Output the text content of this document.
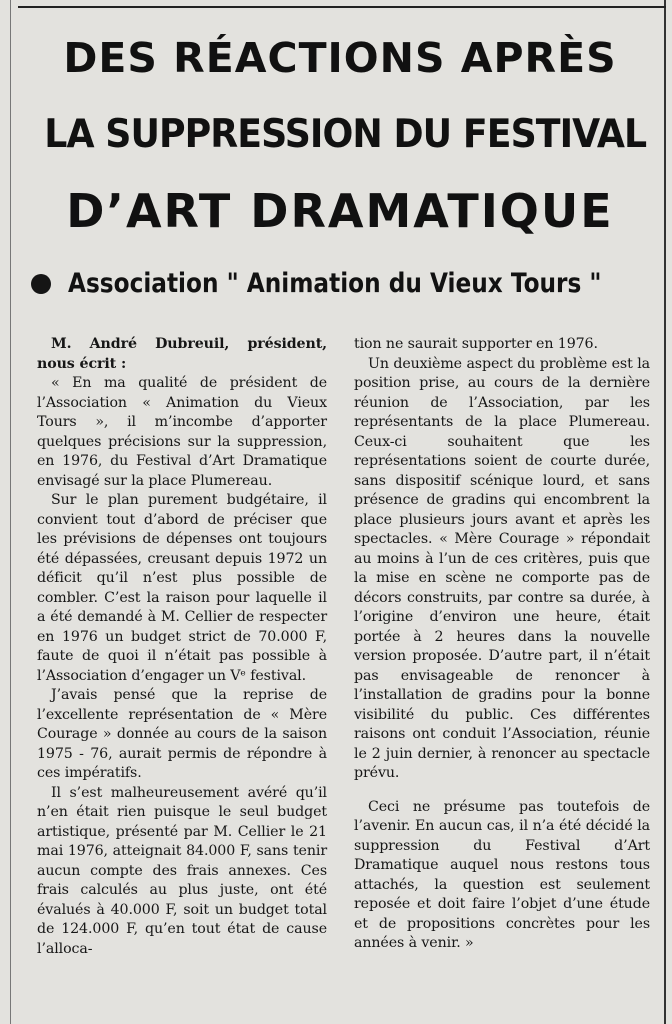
DES RÉACTIONS APRÈS
LA SUPPRESSION DU FESTIVAL
D’ART DRAMATIQUE
Association " Animation du Vieux Tours "

M. André Dubreuil, président, nous écrit :

« En ma qualité de président de l’Association « Animation du Vieux Tours », il m’incombe d’apporter quelques précisions sur la suppression, en 1976, du Festival d’Art Dramatique envisagé sur la place Plumereau.

Sur le plan purement budgétaire, il convient tout d’abord de préciser que les prévisions de dépenses ont toujours été dépassées, creusant depuis 1972 un déficit qu’il n’est plus possible de combler. C’est la raison pour laquelle il a été demandé à M. Cellier de respecter en 1976 un budget strict de 70.000 F, faute de quoi il n’était pas possible à l’Association d’engager un Vᵉ festival.

J’avais pensé que la reprise de l’excellente représentation de « Mère Courage » donnée au cours de la saison 1975 - 76, aurait permis de répondre à ces impératifs.

Il s’est malheureusement avéré qu’il n’en était rien puisque le seul budget artistique, présenté par M. Cellier le 21 mai 1976, atteignait 84.000 F, sans tenir aucun compte des frais annexes. Ces frais calculés au plus juste, ont été évalués à 40.000 F, soit un budget total de 124.000 F, qu’en tout état de cause l’alloca-

tion ne saurait supporter en 1976.

Un deuxième aspect du problème est la position prise, au cours de la dernière réunion de l’Association, par les représentants de la place Plumereau. Ceux-ci souhaitent que les représentations soient de courte durée, sans dispositif scénique lourd, et sans présence de gradins qui encombrent la place plusieurs jours avant et après les spectacles. « Mère Courage » répondait au moins à l’un de ces critères, puis que la mise en scène ne comporte pas de décors construits, par contre sa durée, à l’origine d’environ une heure, était portée à 2 heures dans la nouvelle version proposée. D’autre part, il n’était pas envisageable de renoncer à l’installation de gradins pour la bonne visibilité du public. Ces différentes raisons ont conduit l’Association, réunie le 2 juin dernier, à renoncer au spectacle prévu.

Ceci ne présume pas toutefois de l’avenir. En aucun cas, il n’a été décidé la suppression du Festival d’Art Dramatique auquel nous restons tous attachés, la question est seulement reposée et doit faire l’objet d’une étude et de propositions concrètes pour les années à venir. »
